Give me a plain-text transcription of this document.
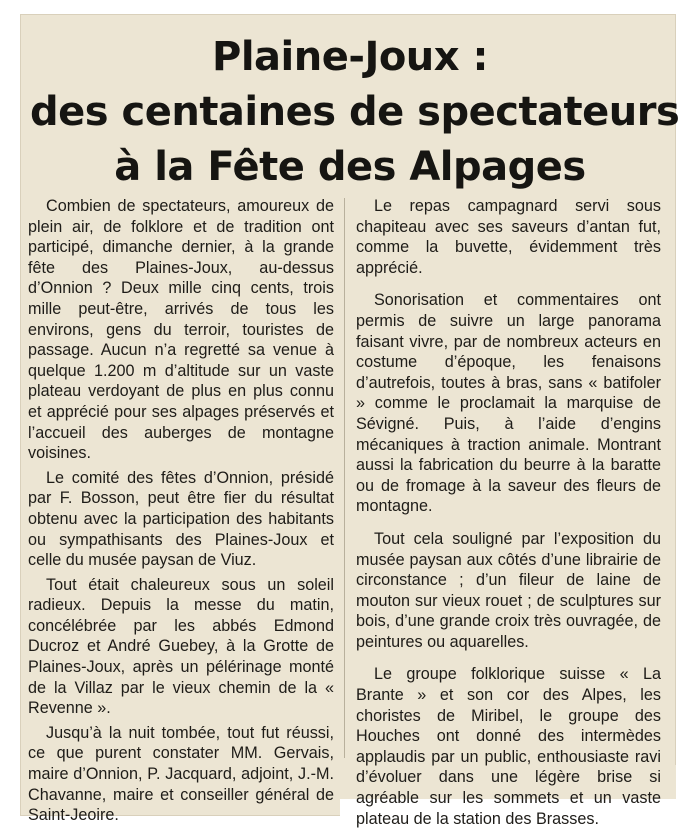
Plaine-Joux :
des centaines de spectateurs
à la Fête des Alpages

Combien de spectateurs, amoureux de plein air, de folklore et de tradition ont participé, dimanche dernier, à la grande fête des Plaines-Joux, au-dessus d’Onnion ? Deux mille cinq cents, trois mille peut-être, arrivés de tous les environs, gens du terroir, touristes de passage. Aucun n’a regretté sa venue à quelque 1.200 m d’altitude sur un vaste plateau verdoyant de plus en plus connu et apprécié pour ses alpages préservés et l’accueil des auberges de montagne voisines.

Le comité des fêtes d’Onnion, présidé par F. Bosson, peut être fier du résultat obtenu avec la participation des habitants ou sympathisants des Plaines-Joux et celle du musée paysan de Viuz.

Tout était chaleureux sous un soleil radieux. Depuis la messe du matin, concélébrée par les abbés Edmond Ducroz et André Guebey, à la Grotte de Plaines-Joux, après un pélérinage monté de la Villaz par le vieux chemin de la « Revenne ».

Jusqu’à la nuit tombée, tout fut réussi, ce que purent constater MM. Gervais, maire d’Onnion, P. Jacquard, adjoint, J.-M. Chavanne, maire et conseiller général de Saint-Jeoire.

Le repas campagnard servi sous chapiteau avec ses saveurs d’antan fut, comme la buvette, évidemment très apprécié.

Sonorisation et commentaires ont permis de suivre un large panorama faisant vivre, par de nombreux acteurs en costume d’époque, les fenaisons d’autrefois, toutes à bras, sans « batifoler » comme le proclamait la marquise de Sévigné. Puis, à l’aide d’engins mécaniques à traction animale. Montrant aussi la fabrication du beurre à la baratte ou de fromage à la saveur des fleurs de montagne.

Tout cela souligné par l’exposition du musée paysan aux côtés d’une librairie de circonstance ; d’un fileur de laine de mouton sur vieux rouet ; de sculptures sur bois, d’une grande croix très ouvragée, de peintures ou aquarelles.

Le groupe folklorique suisse « La Brante » et son cor des Alpes, les choristes de Miribel, le groupe des Houches ont donné des intermèdes applaudis par un public, enthousiaste ravi d’évoluer dans une légère brise si agréable sur les sommets et un vaste plateau de la station des Brasses.
